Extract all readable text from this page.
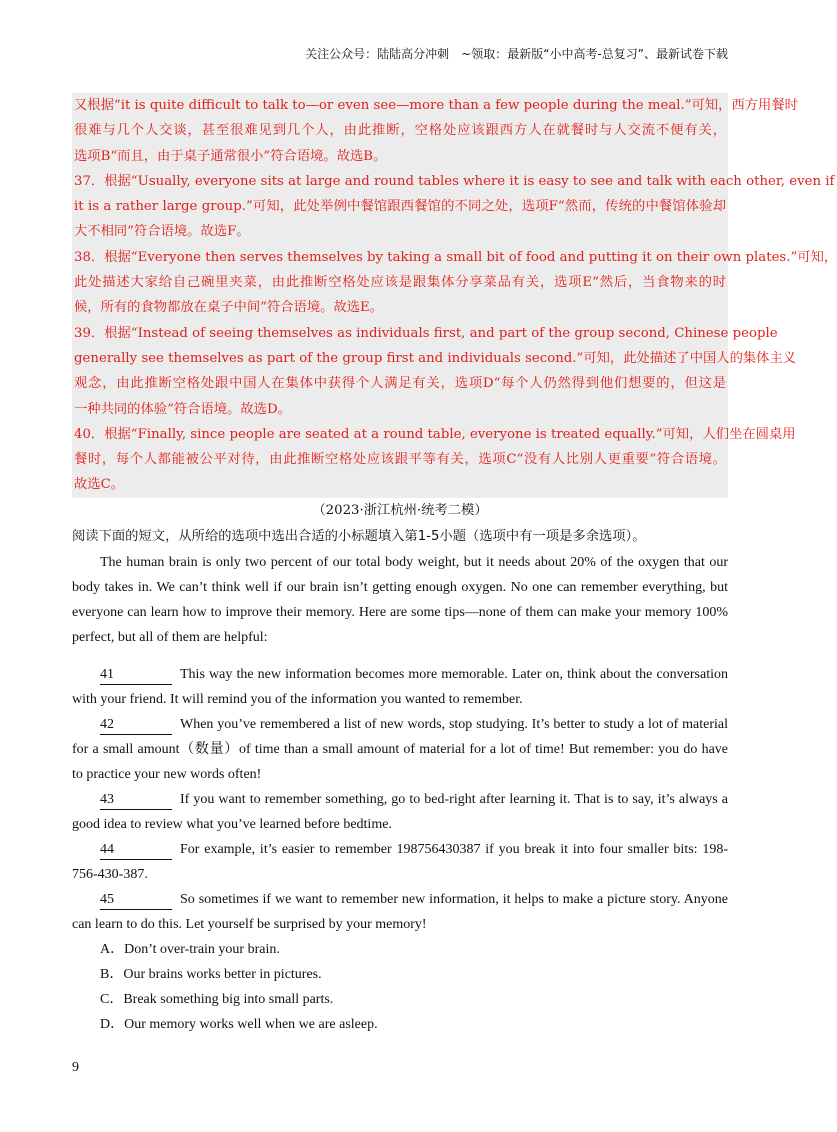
关注公众号：陆陆高分冲刺　~领取：最新版“小中高考-总复习”、最新试卷下载
又根据“it is quite difficult to talk to—or even see—more than a few people during the meal.”可知，西方用餐时
很难与几个人交谈，甚至很难见到几个人，由此推断，空格处应该跟西方人在就餐时与人交流不便有关，
选项B“而且，由于桌子通常很小”符合语境。故选B。
37．根据“Usually, everyone sits at large and round tables where it is easy to see and talk with each other, even if
it is a rather large group.”可知，此处举例中餐馆跟西餐馆的不同之处，选项F“然而，传统的中餐馆体验却
大不相同”符合语境。故选F。
38．根据“Everyone then serves themselves by taking a small bit of food and putting it on their own plates.”可知，
此处描述大家给自己碗里夹菜，由此推断空格处应该是跟集体分享菜品有关，选项E“然后，当食物来的时
候，所有的食物都放在桌子中间”符合语境。故选E。
39．根据“Instead of seeing themselves as individuals first, and part of the group second, Chinese people
generally see themselves as part of the group first and individuals second.”可知，此处描述了中国人的集体主义
观念，由此推断空格处跟中国人在集体中获得个人满足有关，选项D“每个人仍然得到他们想要的，但这是
一种共同的体验”符合语境。故选D。
40．根据“Finally, since people are seated at a round table, everyone is treated equally.”可知，人们坐在圆桌用
餐时，每个人都能被公平对待，由此推断空格处应该跟平等有关，选项C“没有人比别人更重要”符合语境。
故选C。
（2023·浙江杭州·统考二模）
阅读下面的短文，从所给的选项中选出合适的小标题填入第1-5小题（选项中有一项是多余选项）。
The human brain is only two percent of our total body weight, but it needs about 20% of the oxygen that our
body takes in. We can’t think well if our brain isn’t getting enough oxygen. No one can remember everything, but
everyone can learn how to improve their memory. Here are some tips—none of them can make your memory 100%
perfect, but all of them are helpful:
41	This way the new information becomes more memorable. Later on, think about the conversation
with your friend. It will remind you of the information you wanted to remember.
42	When you’ve remembered a list of new words, stop studying. It’s better to study a lot of material
for a small amount（数量）of time than a small amount of material for a lot of time! But remember: you do have
to practice your new words often!
43	If you want to remember something, go to bed-right after learning it. That is to say, it’s always a
good idea to review what you’ve learned before bedtime.
44	For example, it’s easier to remember 198756430387 if you break it into four smaller bits: 198-
756-430-387.
45	So sometimes if we want to remember new information, it helps to make a picture story. Anyone
can learn to do this. Let yourself be surprised by your memory!
A．Don’t over-train your brain.
B．Our brains works better in pictures.
C．Break something big into small parts.
D．Our memory works well when we are asleep.
9
